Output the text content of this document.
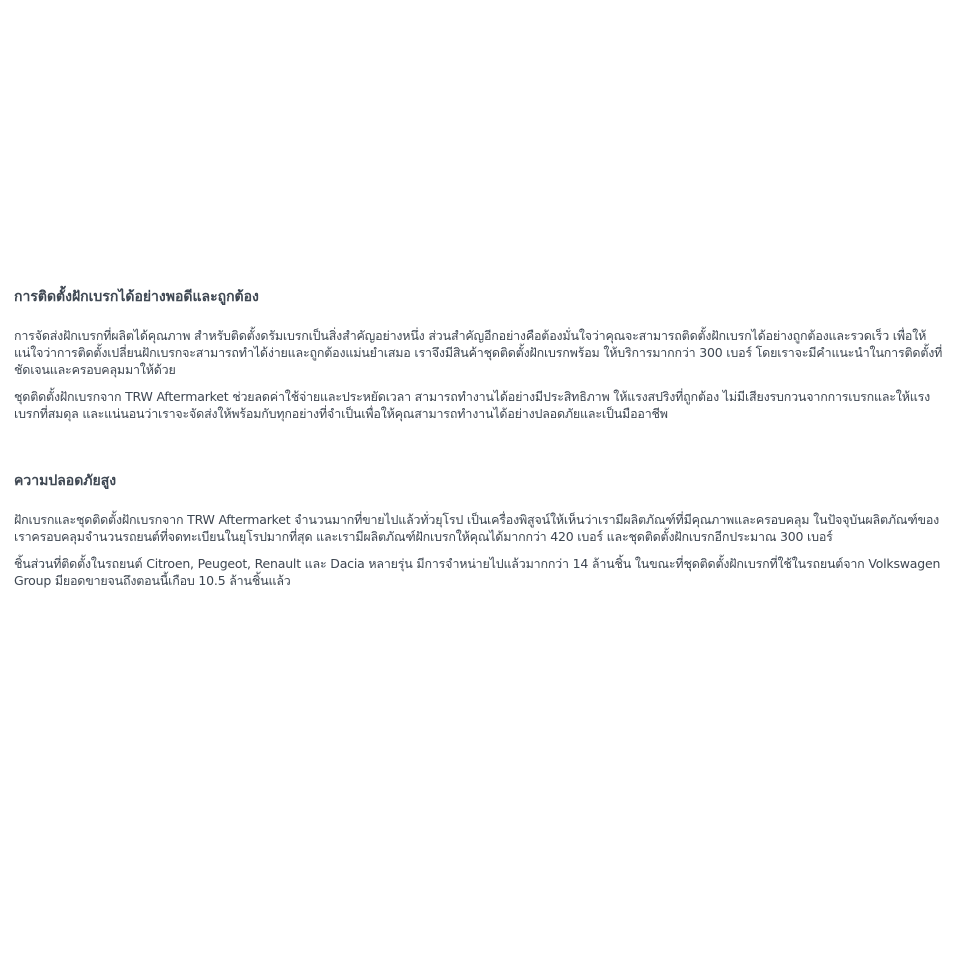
การติดตั้งฝักเบรกได้อย่างพอดีและถูกต้อง

การจัดส่งฝักเบรกที่ผลิตได้คุณภาพ สำหรับติดตั้งดรัมเบรกเป็นสิ่งสำคัญอย่างหนึ่ง ส่วนสำคัญอีกอย่างคือต้องมั่นใจว่าคุณจะสามารถติดตั้งฝักเบรกได้อย่างถูกต้องและรวดเร็ว เพื่อให้แน่ใจว่าการติดตั้งเปลี่ยนฝักเบรกจะสามารถทำได้ง่ายและถูกต้องแม่นยำเสมอ เราจึงมีสินค้าชุดติดตั้งฝักเบรกพร้อม ให้บริการมากกว่า 300 เบอร์ โดยเราจะมีคำแนะนำในการติดตั้งที่ชัดเจนและครอบคลุมมาให้ด้วย

ชุดติดตั้งฝักเบรกจาก TRW Aftermarket ช่วยลดค่าใช้จ่ายและประหยัดเวลา สามารถทำงานได้อย่างมีประสิทธิภาพ ให้แรงสปริงที่ถูกต้อง ไม่มีเสียงรบกวนจากการเบรกและให้แรงเบรกที่สมดุล และแน่นอนว่าเราจะจัดส่งให้พร้อมกับทุกอย่างที่จำเป็นเพื่อให้คุณสามารถทำงานได้อย่างปลอดภัยและเป็นมืออาชีพ

ความปลอดภัยสูง

ฝักเบรกและชุดติดตั้งฝักเบรกจาก TRW Aftermarket จำนวนมากที่ขายไปแล้วทั่วยุโรป เป็นเครื่องพิสูจน์ให้เห็นว่าเรามีผลิตภัณฑ์ที่มีคุณภาพและครอบคลุม ในปัจจุบันผลิตภัณฑ์ของเราครอบคลุมจำนวนรถยนต์ที่จดทะเบียนในยุโรปมากที่สุด และเรามีผลิตภัณฑ์ฝักเบรกให้คุณได้มากกว่า 420 เบอร์ และชุดติดตั้งฝักเบรกอีกประมาณ 300 เบอร์

ชิ้นส่วนที่ติดตั้งในรถยนต์ Citroen, Peugeot, Renault และ Dacia หลายรุ่น มีการจำหน่ายไปแล้วมากกว่า 14 ล้านชิ้น ในขณะที่ชุดติดตั้งฝักเบรกที่ใช้ในรถยนต์จาก Volkswagen Group มียอดขายจนถึงตอนนี้เกือบ 10.5 ล้านชิ้นแล้ว
